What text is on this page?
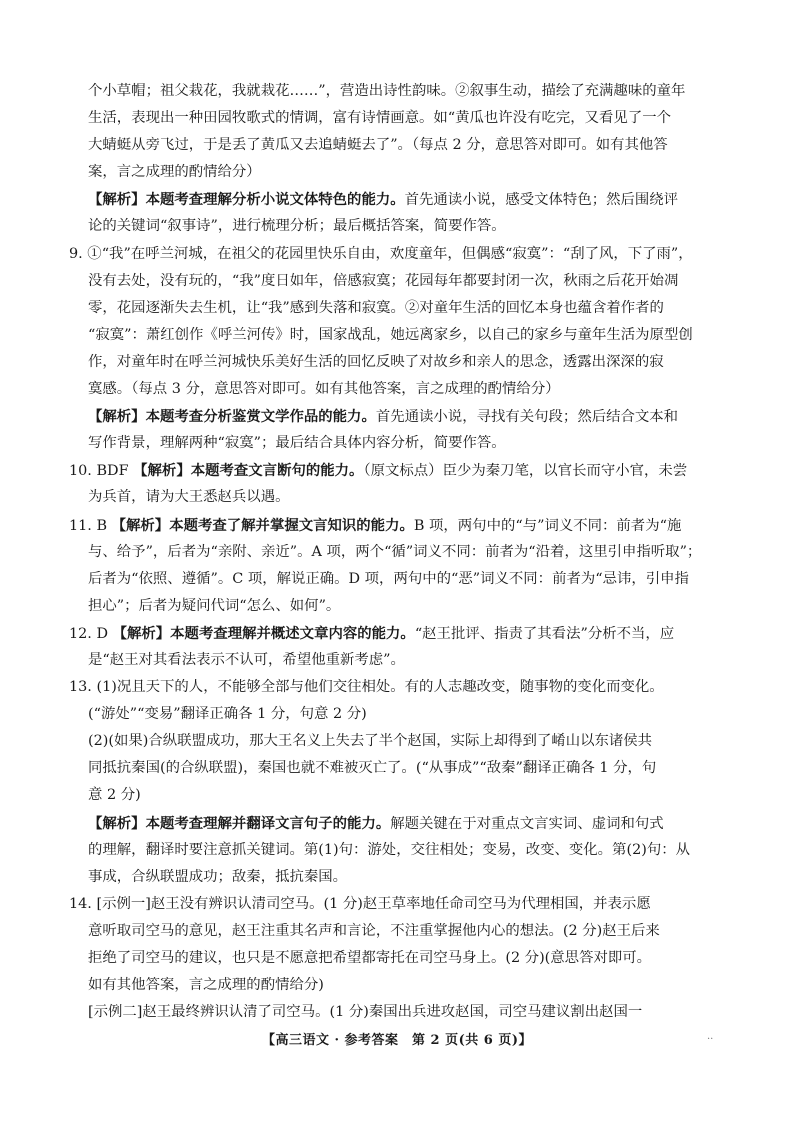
个小草帽；祖父栽花，我就栽花……”，营造出诗性韵味。②叙事生动，描绘了充满趣味的童年
生活，表现出一种田园牧歌式的情调，富有诗情画意。如“黄瓜也许没有吃完，又看见了一个
大蜻蜓从旁飞过，于是丢了黄瓜又去追蜻蜓去了”。（每点 2 分，意思答对即可。如有其他答
案，言之成理的酌情给分）
【解析】本题考查理解分析小说文体特色的能力。首先通读小说，感受文体特色；然后围绕评
论的关键词“叙事诗”，进行梳理分析；最后概括答案，简要作答。
9. ①“我”在呼兰河城，在祖父的花园里快乐自由，欢度童年，但偶感“寂寞”：“刮了风，下了雨”，
没有去处，没有玩的，“我”度日如年，倍感寂寞；花园每年都要封闭一次，秋雨之后花开始凋
零，花园逐渐失去生机，让“我”感到失落和寂寞。②对童年生活的回忆本身也蕴含着作者的
“寂寞”：萧红创作《呼兰河传》时，国家战乱，她远离家乡，以自己的家乡与童年生活为原型创
作，对童年时在呼兰河城快乐美好生活的回忆反映了对故乡和亲人的思念，透露出深深的寂
寞感。（每点 3 分，意思答对即可。如有其他答案，言之成理的酌情给分）
【解析】本题考查分析鉴赏文学作品的能力。首先通读小说，寻找有关句段；然后结合文本和
写作背景，理解两种“寂寞”；最后结合具体内容分析，简要作答。
10. BDF 【解析】本题考查文言断句的能力。（原文标点）臣少为秦刀笔，以官长而守小官，未尝
为兵首，请为大王悉赵兵以遇。
11. B 【解析】本题考查了解并掌握文言知识的能力。B 项，两句中的“与”词义不同：前者为“施
与、给予”，后者为“亲附、亲近”。A 项，两个“循”词义不同：前者为“沿着，这里引申指听取”；
后者为“依照、遵循”。C 项，解说正确。D 项，两句中的“恶”词义不同：前者为“忌讳，引申指
担心”；后者为疑问代词“怎么、如何”。
12. D 【解析】本题考查理解并概述文章内容的能力。“赵王批评、指责了其看法”分析不当，应
是“赵王对其看法表示不认可，希望他重新考虑”。
13. (1)况且天下的人，不能够全部与他们交往相处。有的人志趣改变，随事物的变化而变化。
(“游处”“变易”翻译正确各 1 分，句意 2 分)
(2)(如果)合纵联盟成功，那大王名义上失去了半个赵国，实际上却得到了崤山以东诸侯共
同抵抗秦国(的合纵联盟)，秦国也就不难被灭亡了。(“从事成”“敌秦”翻译正确各 1 分，句
意 2 分)
【解析】本题考查理解并翻译文言句子的能力。解题关键在于对重点文言实词、虚词和句式
的理解，翻译时要注意抓关键词。第(1)句：游处，交往相处；变易，改变、变化。第(2)句：从
事成，合纵联盟成功；敌秦，抵抗秦国。
14. [示例一]赵王没有辨识认清司空马。(1 分)赵王草率地任命司空马为代理相国，并表示愿
意听取司空马的意见，赵王注重其名声和言论，不注重掌握他内心的想法。(2 分)赵王后来
拒绝了司空马的建议，也只是不愿意把希望都寄托在司空马身上。(2 分)(意思答对即可。
如有其他答案，言之成理的酌情给分)
[示例二]赵王最终辨识认清了司空马。(1 分)秦国出兵进攻赵国，司空马建议割出赵国一
【高三语文 · 参考答案　第 2 页(共 6 页)】	..
